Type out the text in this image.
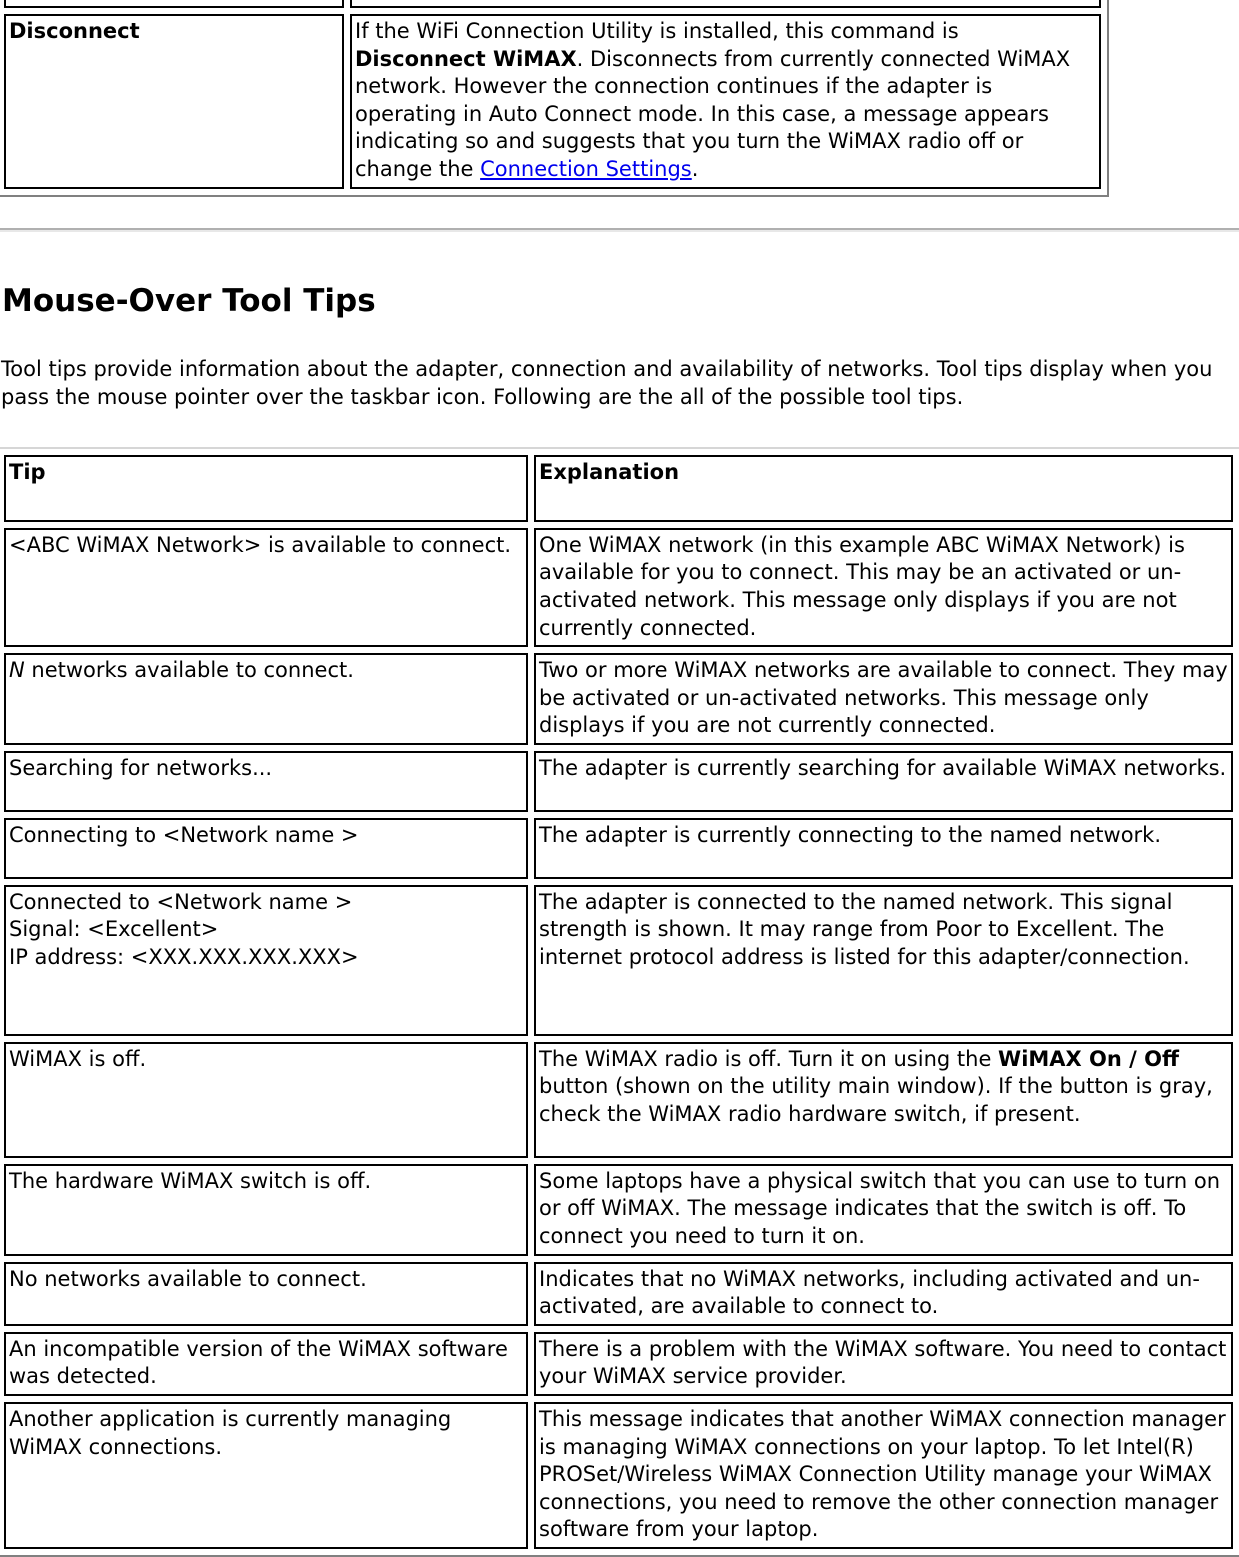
Disconnect	If the WiFi Connection Utility is installed, this command is Disconnect WiMAX. Disconnects from currently connected WiMAX network. However the connection continues if the adapter is operating in Auto Connect mode. In this case, a message appears indicating so and suggests that you turn the WiMAX radio off or change the Connection Settings.
Mouse-Over Tool Tips

Tool tips provide information about the adapter, connection and availability of networks. Tool tips display when you pass the mouse pointer over the taskbar icon. Following are the all of the possible tool tips.

Tip	Explanation
<ABC WiMAX Network> is available to connect.	One WiMAX network (in this example ABC WiMAX Network) is available for you to connect. This may be an activated or un-activated network. This message only displays if you are not currently connected.
N networks available to connect.	Two or more WiMAX networks are available to connect. They may be activated or un-activated networks. This message only displays if you are not currently connected.
Searching for networks...	The adapter is currently searching for available WiMAX networks.
Connecting to <Network name >	The adapter is currently connecting to the named network.
Connected to <Network name >
Signal: <Excellent>
IP address: <XXX.XXX.XXX.XXX>	The adapter is connected to the named network. This signal strength is shown. It may range from Poor to Excellent. The internet protocol address is listed for this adapter/connection.
WiMAX is off.	The WiMAX radio is off. Turn it on using the WiMAX On / Off button (shown on the utility main window). If the button is gray, check the WiMAX radio hardware switch, if present.
The hardware WiMAX switch is off.	Some laptops have a physical switch that you can use to turn on or off WiMAX. The message indicates that the switch is off. To connect you need to turn it on.
No networks available to connect.	Indicates that no WiMAX networks, including activated and un-activated, are available to connect to.
An incompatible version of the WiMAX software was detected.	There is a problem with the WiMAX software. You need to contact your WiMAX service provider.
Another application is currently managing WiMAX connections.	This message indicates that another WiMAX connection manager is managing WiMAX connections on your laptop. To let Intel(R) PROSet/Wireless WiMAX Connection Utility manage your WiMAX connections, you need to remove the other connection manager software from your laptop.
